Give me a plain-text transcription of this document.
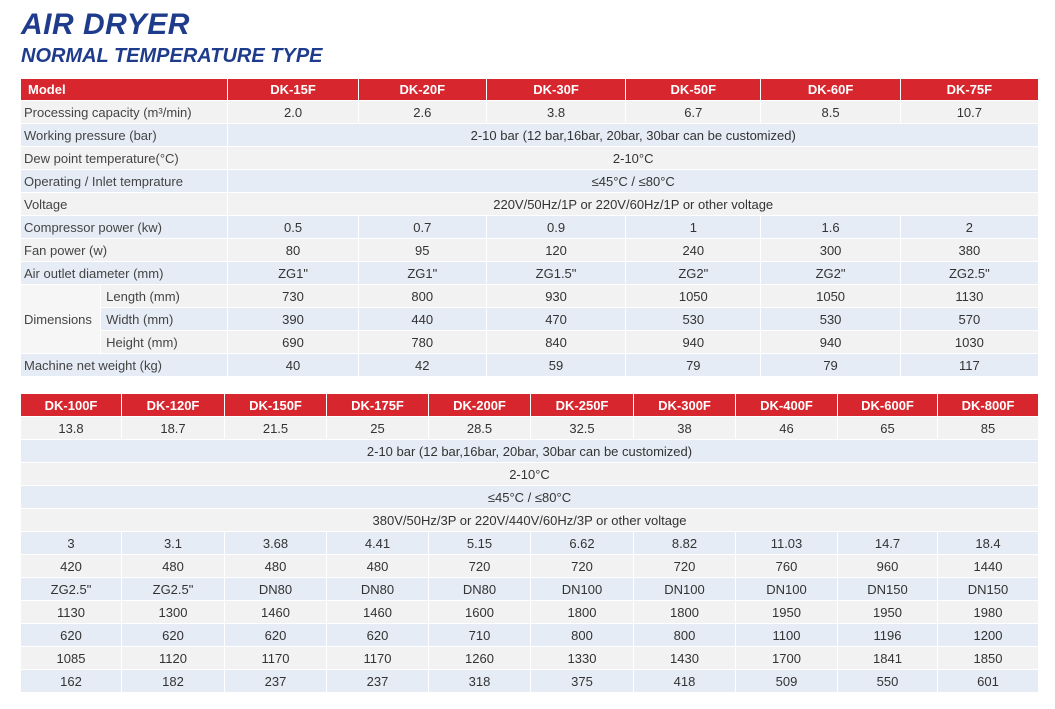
AIR DRYER
NORMAL TEMPERATURE TYPE
Model		DK-15F	DK-20F	DK-30F	DK-50F	DK-60F	DK-75F
Processing capacity (m³/min)		2.0	2.6	3.8	6.7	8.5	10.7
Working pressure (bar)		2-10 bar (12 bar,16bar, 20bar, 30bar can be customized)					
Dew point temperature(°C)		2-10°C					
Operating / Inlet temprature		≤45°C / ≤80°C					
Voltage		220V/50Hz/1P or 220V/60Hz/1P or other voltage					
Compressor power (kw)		0.5	0.7	0.9	1	1.6	2
Fan power (w)		80	95	120	240	300	380
Air outlet diameter (mm)		ZG1"	ZG1"	ZG1.5"	ZG2"	ZG2"	ZG2.5"
Dimensions	Length (mm)	730	800	930	1050	1050	1130
	Width (mm)	390	440	470	530	530	570
	Height (mm)	690	780	840	940	940	1030
Machine net weight (kg)		40	42	59	79	79	117
DK-100F	DK-120F	DK-150F	DK-175F	DK-200F	DK-250F	DK-300F	DK-400F	DK-600F	DK-800F
13.8	18.7	21.5	25	28.5	32.5	38	46	65	85
2-10 bar (12 bar,16bar, 20bar, 30bar can be customized)									
2-10°C									
≤45°C / ≤80°C									
380V/50Hz/3P or 220V/440V/60Hz/3P or other voltage									
3	3.1	3.68	4.41	5.15	6.62	8.82	11.03	14.7	18.4
420	480	480	480	720	720	720	760	960	1440
ZG2.5"	ZG2.5"	DN80	DN80	DN80	DN100	DN100	DN100	DN150	DN150
1130	1300	1460	1460	1600	1800	1800	1950	1950	1980
620	620	620	620	710	800	800	1100	1196	1200
1085	1120	1170	1170	1260	1330	1430	1700	1841	1850
162	182	237	237	318	375	418	509	550	601
